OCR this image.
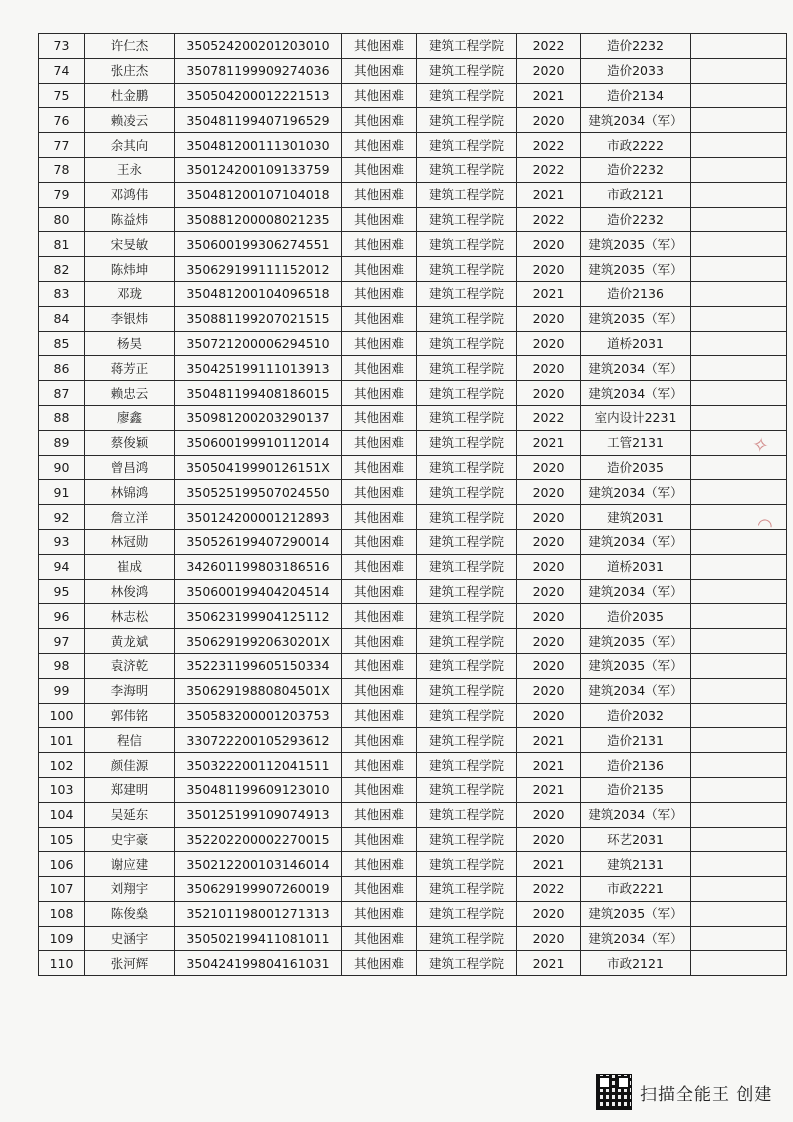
73	许仁杰	350524200201203010	其他困难	建筑工程学院	2022	造价2232	
74	张庄杰	350781199909274036	其他困难	建筑工程学院	2020	造价2033	
75	杜金鹏	350504200012221513	其他困难	建筑工程学院	2021	造价2134	
76	赖凌云	350481199407196529	其他困难	建筑工程学院	2020	建筑2034（军）	
77	余其向	350481200111301030	其他困难	建筑工程学院	2022	市政2222	
78	王永	350124200109133759	其他困难	建筑工程学院	2022	造价2232	
79	邓鸿伟	350481200107104018	其他困难	建筑工程学院	2021	市政2121	
80	陈益炜	350881200008021235	其他困难	建筑工程学院	2022	造价2232	
81	宋旻敏	350600199306274551	其他困难	建筑工程学院	2020	建筑2035（军）	
82	陈炜坤	350629199111152012	其他困难	建筑工程学院	2020	建筑2035（军）	
83	邓珑	350481200104096518	其他困难	建筑工程学院	2021	造价2136	
84	李银炜	350881199207021515	其他困难	建筑工程学院	2020	建筑2035（军）	
85	杨昊	350721200006294510	其他困难	建筑工程学院	2020	道桥2031	
86	蒋芳正	350425199111013913	其他困难	建筑工程学院	2020	建筑2034（军）	
87	赖忠云	350481199408186015	其他困难	建筑工程学院	2020	建筑2034（军）	
88	廖鑫	350981200203290137	其他困难	建筑工程学院	2022	室内设计2231	
89	蔡俊颖	350600199910112014	其他困难	建筑工程学院	2021	工管2131	
90	曾昌鸿	35050419990126151X	其他困难	建筑工程学院	2020	造价2035	
91	林锦鸿	350525199507024550	其他困难	建筑工程学院	2020	建筑2034（军）	
92	詹立洋	350124200001212893	其他困难	建筑工程学院	2020	建筑2031	
93	林冠勋	350526199407290014	其他困难	建筑工程学院	2020	建筑2034（军）	
94	崔成	342601199803186516	其他困难	建筑工程学院	2020	道桥2031	
95	林俊鸿	350600199404204514	其他困难	建筑工程学院	2020	建筑2034（军）	
96	林志松	350623199904125112	其他困难	建筑工程学院	2020	造价2035	
97	黄龙斌	35062919920630201X	其他困难	建筑工程学院	2020	建筑2035（军）	
98	袁济乾	352231199605150334	其他困难	建筑工程学院	2020	建筑2035（军）	
99	李海明	35062919880804501X	其他困难	建筑工程学院	2020	建筑2034（军）	
100	郭伟铭	350583200001203753	其他困难	建筑工程学院	2020	造价2032	
101	程信	330722200105293612	其他困难	建筑工程学院	2021	造价2131	
102	颜佳源	350322200112041511	其他困难	建筑工程学院	2021	造价2136	
103	郑建明	350481199609123010	其他困难	建筑工程学院	2021	造价2135	
104	吴延东	350125199109074913	其他困难	建筑工程学院	2020	建筑2034（军）	
105	史宇豪	352202200002270015	其他困难	建筑工程学院	2020	环艺2031	
106	谢应建	350212200103146014	其他困难	建筑工程学院	2021	建筑2131	
107	刘翔宇	350629199907260019	其他困难	建筑工程学院	2022	市政2221	
108	陈俊燊	352101198001271313	其他困难	建筑工程学院	2020	建筑2035（军）	
109	史涵宇	350502199411081011	其他困难	建筑工程学院	2020	建筑2034（军）	
110	张河辉	350424199804161031	其他困难	建筑工程学院	2021	市政2121	
✧
◠
扫描全能王 创建
